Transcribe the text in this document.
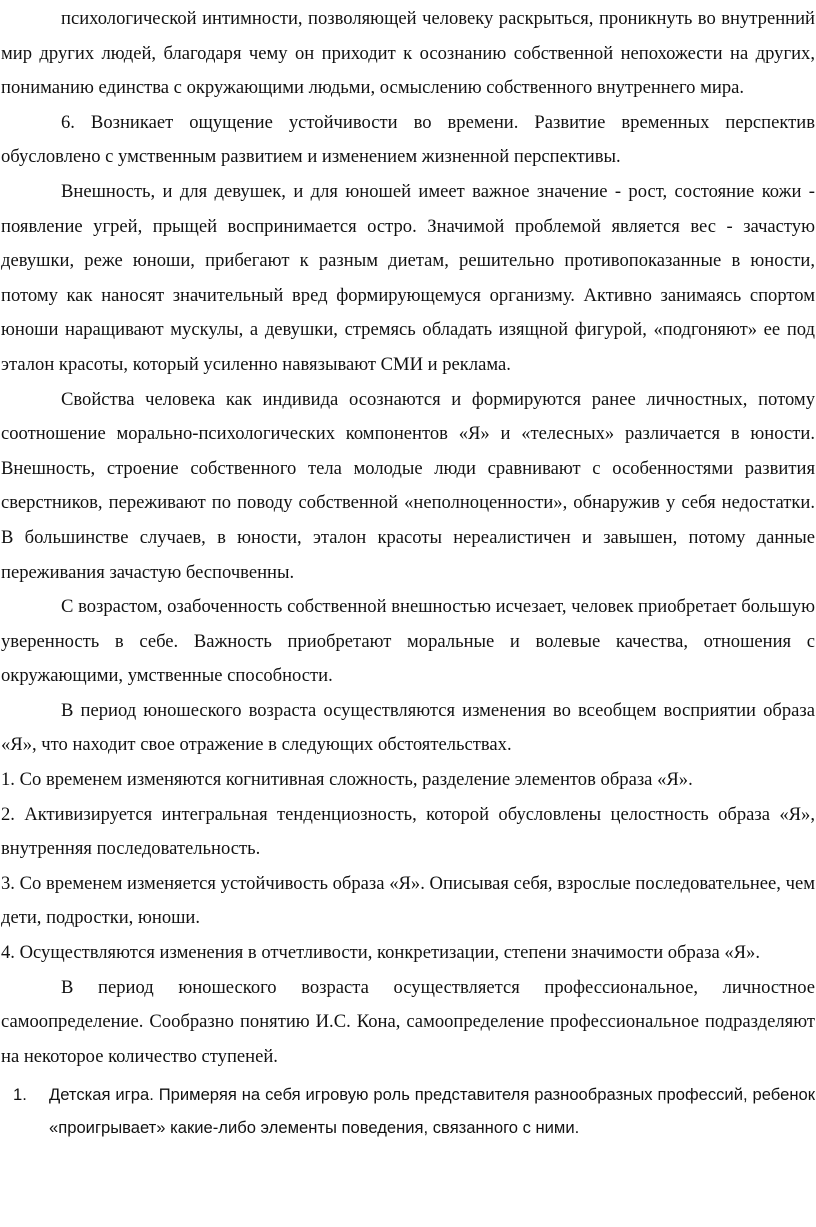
психологической интимности, позволяющей человеку раскрыться, проникнуть во внутренний мир других людей, благодаря чему он приходит к осознанию собственной непохожести на других, пониманию единства с окружающими людьми, осмыслению собственного внутреннего мира.

6. Возникает ощущение устойчивости во времени. Развитие временных перспектив обусловлено с умственным развитием и изменением жизненной перспективы.

Внешность, и для девушек, и для юношей имеет важное значение - рост, состояние кожи - появление угрей, прыщей воспринимается остро. Значимой проблемой является вес - зачастую девушки, реже юноши, прибегают к разным диетам, решительно противопоказанные в юности, потому как наносят значительный вред формирующемуся организму. Активно занимаясь спортом юноши наращивают мускулы, а девушки, стремясь обладать изящной фигурой, «подгоняют» ее под эталон красоты, который усиленно навязывают СМИ и реклама.

Свойства человека как индивида осознаются и формируются ранее личностных, потому соотношение морально-психологических компонентов «Я» и «телесных» различается в юности. Внешность, строение собственного тела молодые люди сравнивают с особенностями развития сверстников, переживают по поводу собственной «неполноценности», обнаружив у себя недостатки. В большинстве случаев, в юности, эталон красоты нереалистичен и завышен, потому данные переживания зачастую беспочвенны.

С возрастом, озабоченность собственной внешностью исчезает, человек приобретает большую уверенность в себе. Важность приобретают моральные и волевые качества, отношения с окружающими, умственные способности.

В период юношеского возраста осуществляются изменения во всеобщем восприятии образа «Я», что находит свое отражение в следующих обстоятельствах.

1. Со временем изменяются когнитивная сложность, разделение элементов образа «Я».

2. Активизируется интегральная тенденциозность, которой обусловлены целостность образа «Я», внутренняя последовательность.

3. Со временем изменяется устойчивость образа «Я». Описывая себя, взрослые последовательнее, чем дети, подростки, юноши.

4. Осуществляются изменения в отчетливости, конкретизации, степени значимости образа «Я».

В период юношеского возраста осуществляется профессиональное, личностное самоопределение. Сообразно понятию И.С. Кона, самоопределение профессиональное подразделяют на некоторое количество ступеней.

1.	Детская игра. Примеряя на себя игровую роль представителя разнообразных профессий, ребенок «проигрывает» какие-либо элементы поведения, связанного с ними.
